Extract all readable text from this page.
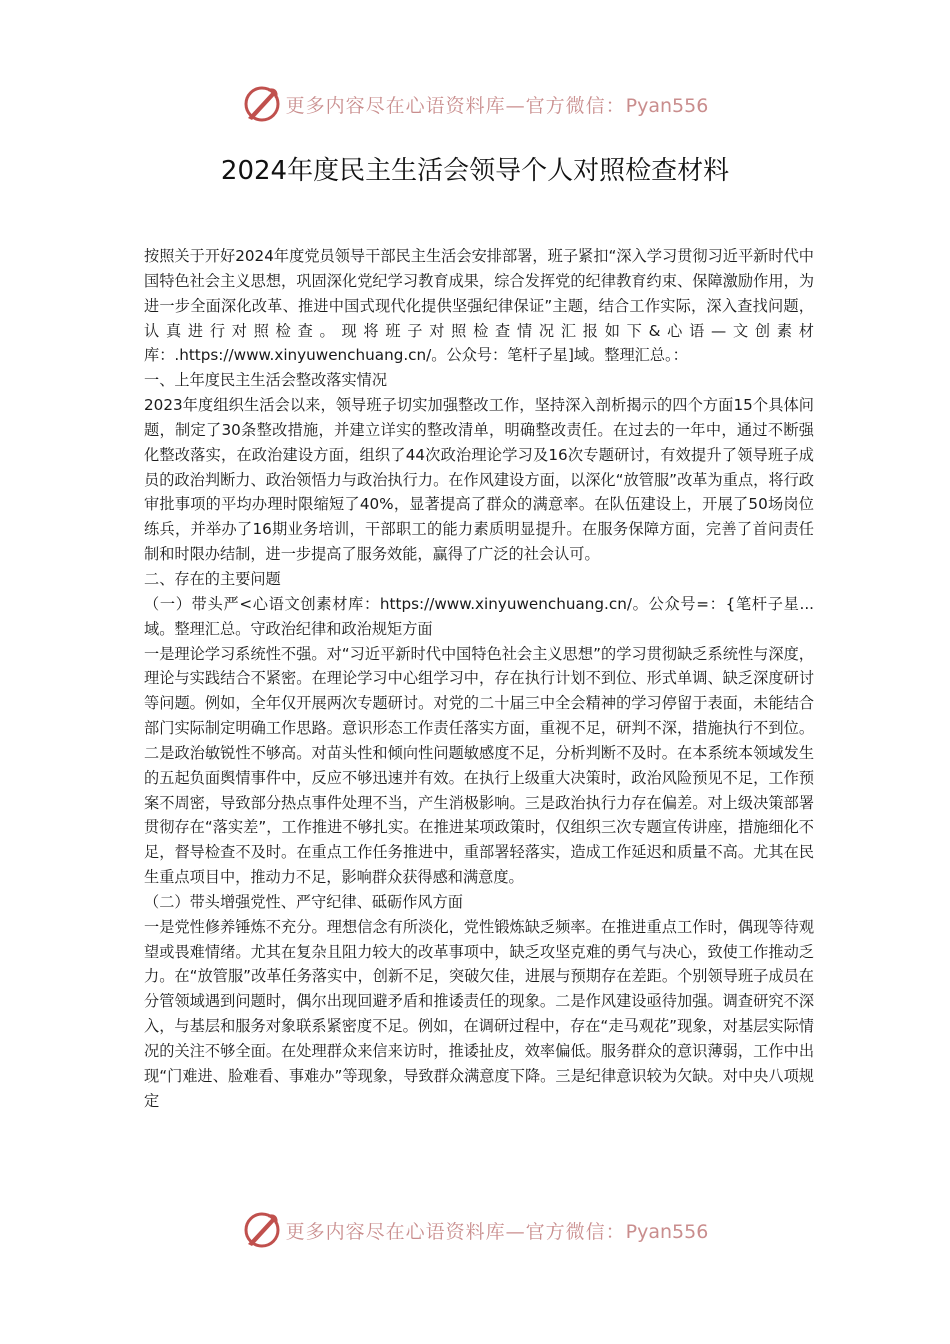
更多内容尽在心语资料库—官方微信：Pyan556
2024年度民主生活会领导个人对照检查材料

按照关于开好2024年度党员领导干部民主生活会安排部署，班子紧扣“深入学习贯彻习近平新时代中国特色社会主义思想，巩固深化党纪学习教育成果，综合发挥党的纪律教育约束、保障激励作用，为进一步全面深化改革、推进中国式现代化提供坚强纪律保证”主题，结合工作实际，深入查找问题，认真进行对照检查。现将班子对照检查情况汇报如下&心语—文创素材库：.https://www.xinyuwenchuang.cn/。公众号：笔杆子星]域。整理汇总。：

一、上年度民主生活会整改落实情况

2023年度组织生活会以来，领导班子切实加强整改工作，坚持深入剖析揭示的四个方面15个具体问题，制定了30条整改措施，并建立详实的整改清单，明确整改责任。在过去的一年中，通过不断强化整改落实，在政治建设方面，组织了44次政治理论学习及16次专题研讨，有效提升了领导班子成员的政治判断力、政治领悟力与政治执行力。在作风建设方面，以深化“放管服”改革为重点，将行政审批事项的平均办理时限缩短了40%，显著提高了群众的满意率。在队伍建设上，开展了50场岗位练兵，并举办了16期业务培训，干部职工的能力素质明显提升。在服务保障方面，完善了首问责任制和时限办结制，进一步提高了服务效能，赢得了广泛的社会认可。

二、存在的主要问题

（一）带头严<心语文创素材库：https://www.xinyuwenchuang.cn/。公众号=：{笔杆子星...域。整理汇总。守政治纪律和政治规矩方面

一是理论学习系统性不强。对“习近平新时代中国特色社会主义思想”的学习贯彻缺乏系统性与深度，理论与实践结合不紧密。在理论学习中心组学习中，存在执行计划不到位、形式单调、缺乏深度研讨等问题。例如，全年仅开展两次专题研讨。对党的二十届三中全会精神的学习停留于表面，未能结合部门实际制定明确工作思路。意识形态工作责任落实方面，重视不足，研判不深，措施执行不到位。二是政治敏锐性不够高。对苗头性和倾向性问题敏感度不足，分析判断不及时。在本系统本领域发生的五起负面舆情事件中，反应不够迅速并有效。在执行上级重大决策时，政治风险预见不足，工作预案不周密，导致部分热点事件处理不当，产生消极影响。三是政治执行力存在偏差。对上级决策部署贯彻存在“落实差”，工作推进不够扎实。在推进某项政策时，仅组织三次专题宣传讲座，措施细化不足，督导检查不及时。在重点工作任务推进中，重部署轻落实，造成工作延迟和质量不高。尤其在民生重点项目中，推动力不足，影响群众获得感和满意度。

（二）带头增强党性、严守纪律、砥砺作风方面

一是党性修养锤炼不充分。理想信念有所淡化，党性锻炼缺乏频率。在推进重点工作时，偶现等待观望或畏难情绪。尤其在复杂且阻力较大的改革事项中，缺乏攻坚克难的勇气与决心，致使工作推动乏力。在“放管服”改革任务落实中，创新不足，突破欠佳，进展与预期存在差距。个别领导班子成员在分管领域遇到问题时，偶尔出现回避矛盾和推诿责任的现象。二是作风建设亟待加强。调查研究不深入，与基层和服务对象联系紧密度不足。例如，在调研过程中，存在“走马观花”现象，对基层实际情况的关注不够全面。在处理群众来信来访时，推诿扯皮，效率偏低。服务群众的意识薄弱，工作中出现“门难进、脸难看、事难办”等现象，导致群众满意度下降。三是纪律意识较为欠缺。对中央八项规定

更多内容尽在心语资料库—官方微信：Pyan556
